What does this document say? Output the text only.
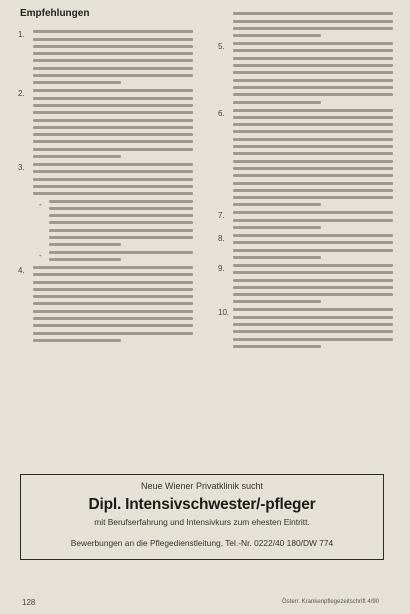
Empfehlungen
1.
2.
3.
-
-
4.
5.
6.
7.
8.
9.
10.
Neue Wiener Privatklinik sucht
Dipl. Intensivschwester/-pfleger
mit Berufserfahrung und Intensivkurs zum ehesten Eintritt.
Bewerbungen an die Pflegedienstleitung, Tel.-Nr. 0222/40 180/DW 774
128	Österr. Krankenpflegezeitschrift 4/90
